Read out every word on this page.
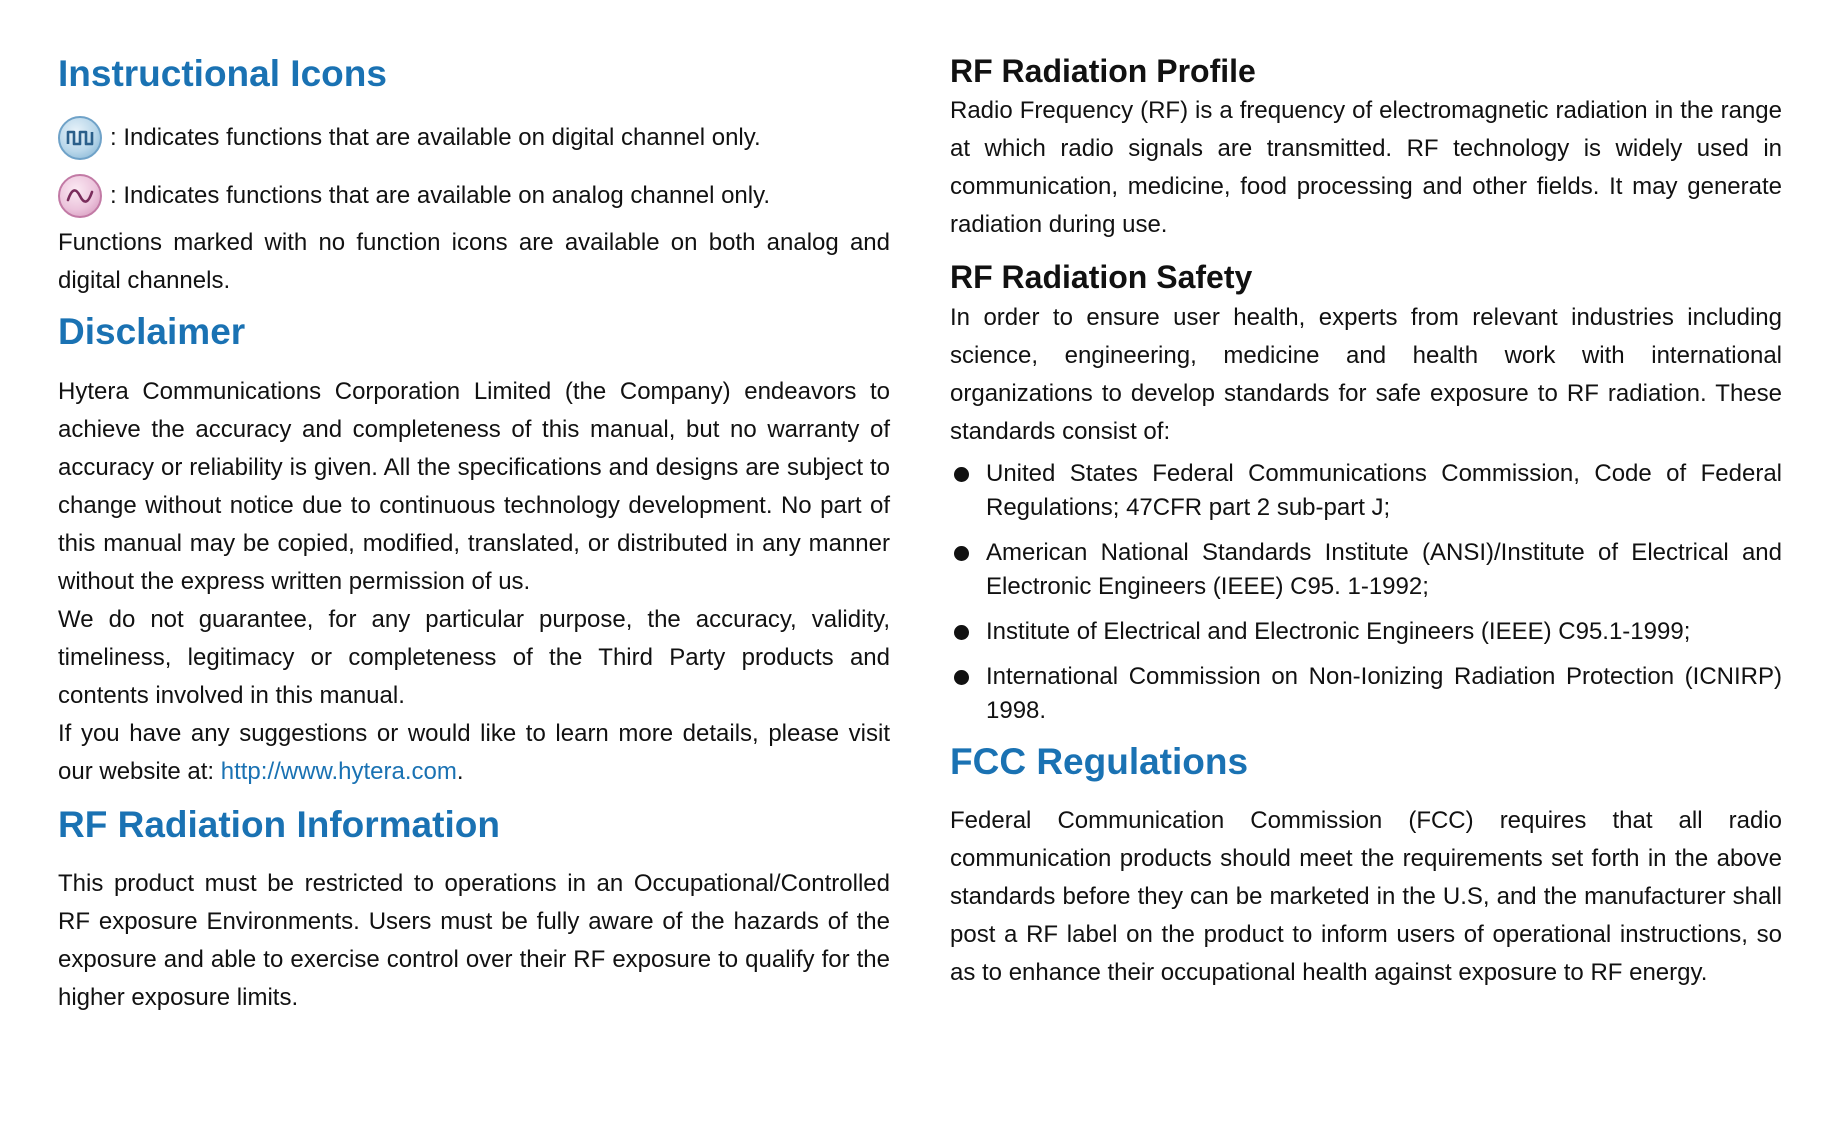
Instructional Icons
: Indicates functions that are available on digital channel only.
: Indicates functions that are available on analog channel only.

Functions marked with no function icons are available on both analog and digital channels.

Disclaimer

Hytera Communications Corporation Limited (the Company) endeavors to achieve the accuracy and completeness of this manual, but no warranty of accuracy or reliability is given. All the specifications and designs are subject to change without notice due to continuous technology development. No part of this manual may be copied, modified, translated, or distributed in any manner without the express written permission of us.

We do not guarantee, for any particular purpose, the accuracy, validity, timeliness, legitimacy or completeness of the Third Party products and contents involved in this manual.

If you have any suggestions or would like to learn more details, please visit our website at: http://www.hytera.com.

RF Radiation Information

This product must be restricted to operations in an Occupational/Controlled RF exposure Environments. Users must be fully aware of the hazards of the exposure and able to exercise control over their RF exposure to qualify for the higher exposure limits.

RF Radiation Profile

Radio Frequency (RF) is a frequency of electromagnetic radiation in the range at which radio signals are transmitted. RF technology is widely used in communication, medicine, food processing and other fields. It may generate radiation during use.

RF Radiation Safety

In order to ensure user health, experts from relevant industries including science, engineering, medicine and health work with international organizations to develop standards for safe exposure to RF radiation. These standards consist of:

United States Federal Communications Commission, Code of Federal Regulations; 47CFR part 2 sub-part J;
American National Standards Institute (ANSI)/Institute of Electrical and Electronic Engineers (IEEE) C95. 1-1992;
Institute of Electrical and Electronic Engineers (IEEE) C95.1-1999;
International Commission on Non-Ionizing Radiation Protection (ICNIRP) 1998.
FCC Regulations

Federal Communication Commission (FCC) requires that all radio communication products should meet the requirements set forth in the above standards before they can be marketed in the U.S, and the manufacturer shall post a RF label on the product to inform users of operational instructions, so as to enhance their occupational health against exposure to RF energy.
